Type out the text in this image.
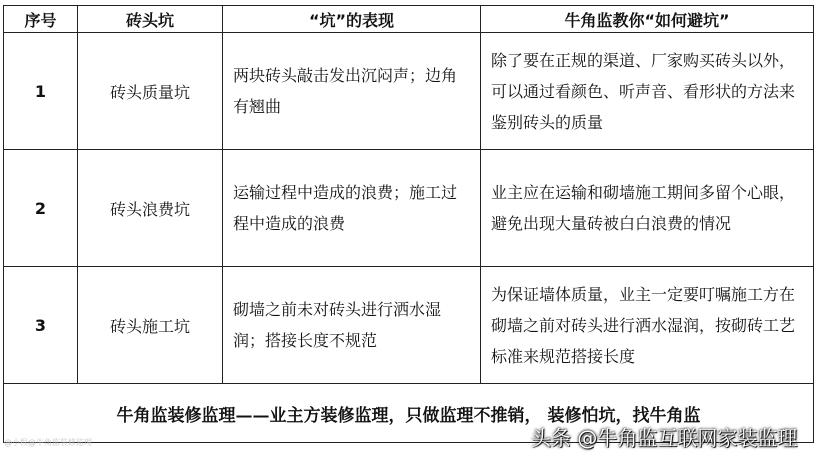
序号	砖头坑	“坑”的表现	牛角监教你“如何避坑”
1	砖头质量坑	两块砖头敲击发出沉闷声；边角有翘曲	除了要在正规的渠道、厂家购买砖头以外，可以通过看颜色、听声音、看形状的方法来鉴别砖头的质量
2	砖头浪费坑	运输过程中造成的浪费；施工过程中造成的浪费	业主应在运输和砌墙施工期间多留个心眼，避免出现大量砖被白白浪费的情况
3	砖头施工坑	砌墙之前未对砖头进行洒水湿润；搭接长度不规范	为保证墙体质量，业主一定要叮嘱施工方在砌墙之前对砖头进行洒水湿润，按砌砖工艺标准来规范搭接长度
牛角监装修监理——业主方装修监理，只做监理不推销， 装修怕坑，找牛角监			
@小程@牛角监装修监理	头条 @牛角监互联网家装监理
